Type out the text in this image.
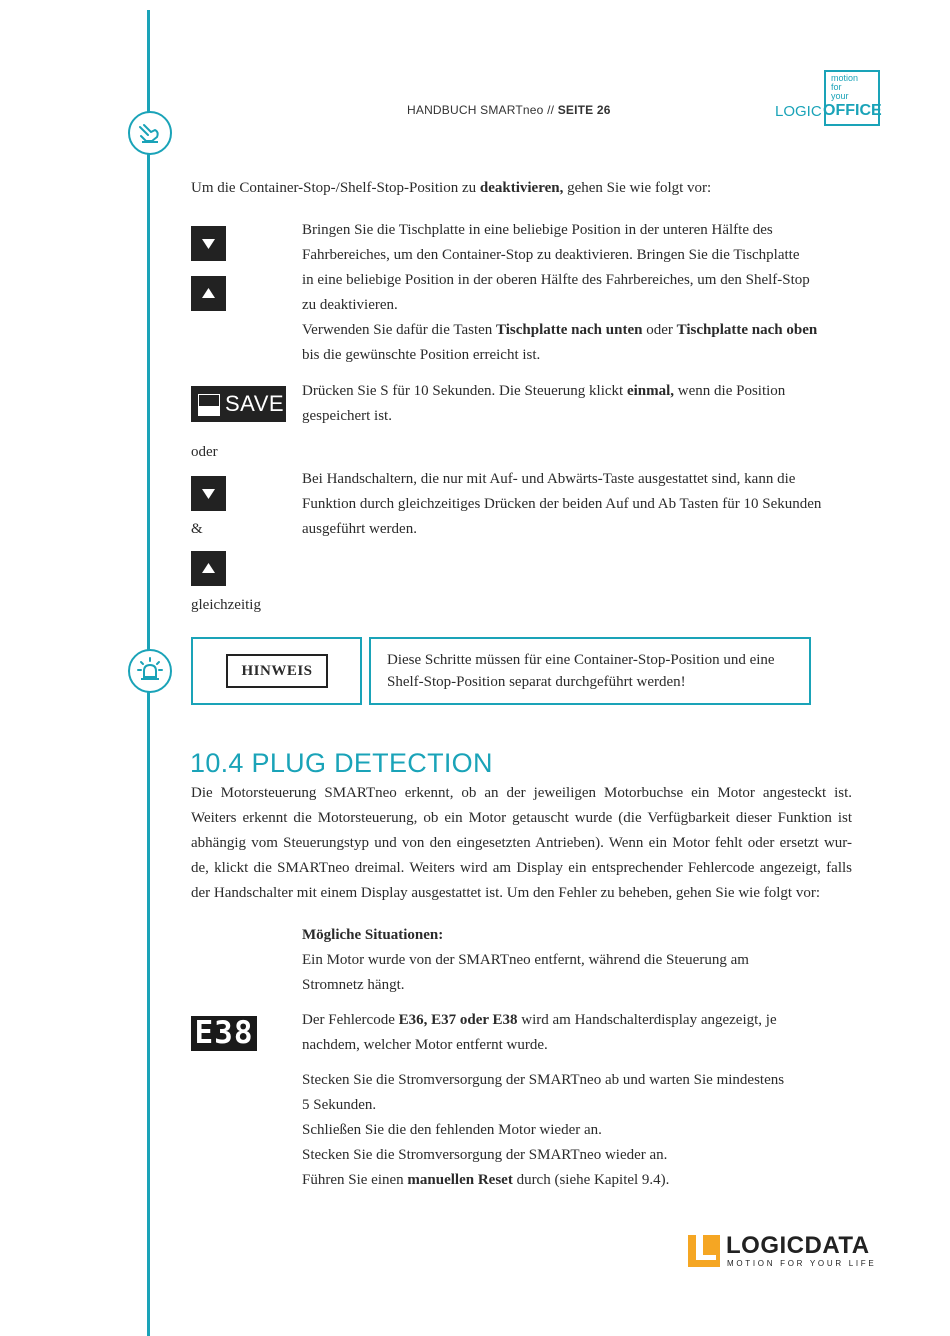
HANDBUCH SMARTneo // SEITE 26
motion
for
your
LOGIC OFFICE
Um die Container-Stop-/Shelf-Stop-Position zu deaktivieren, gehen Sie wie folgt vor:
Bringen Sie die Tischplatte in eine beliebige Position in der unteren Hälfte des
Fahrbereiches, um den Container-Stop zu deaktivieren. Bringen Sie die Tischplatte
in eine beliebige Position in der oberen Hälfte des Fahrbereiches, um den Shelf-Stop
zu deaktivieren.
Verwenden Sie dafür die Tasten Tischplatte nach unten oder Tischplatte nach oben
bis die gewünschte Position erreicht ist.
SAVE Drücken Sie S für 10 Sekunden. Die Steuerung klickt einmal, wenn die Position
gespeichert ist.
oder
&
gleichzeitig
Bei Handschaltern, die nur mit Auf- und Abwärts-Taste ausgestattet sind, kann die
Funktion durch gleichzeitiges Drücken der beiden Auf und Ab Tasten für 10 Sekunden
ausgeführt werden.
HINWEIS
Diese Schritte müssen für eine Container-Stop-Position und eine
Shelf-Stop-Position separat durchgeführt werden!
10.4 PLUG DETECTION
Die Motorsteuerung SMARTneo erkennt, ob an der jeweiligen Motorbuchse ein Motor angesteckt ist.
Weiters erkennt die Motorsteuerung, ob ein Motor getauscht wurde (die Verfügbarkeit dieser Funktion ist
abhängig vom Steuerungstyp und von den eingesetzten Antrieben). Wenn ein Motor fehlt oder ersetzt wur-
de, klickt die SMARTneo dreimal. Weiters wird am Display ein entsprechender Fehlercode angezeigt, falls
der Handschalter mit einem Display ausgestattet ist. Um den Fehler zu beheben, gehen Sie wie folgt vor:
Mögliche Situationen:
Ein Motor wurde von der SMARTneo entfernt, während die Steuerung am
Stromnetz hängt.
E38	Der Fehlercode E36, E37 oder E38 wird am Handschalterdisplay angezeigt, je
nachdem, welcher Motor entfernt wurde.
Stecken Sie die Stromversorgung der SMARTneo ab und warten Sie mindestens
5 Sekunden.
Schließen Sie die den fehlenden Motor wieder an.
Stecken Sie die Stromversorgung der SMARTneo wieder an.
Führen Sie einen manuellen Reset durch (siehe Kapitel 9.4).
LOGICDATA
MOTION FOR YOUR LIFE
